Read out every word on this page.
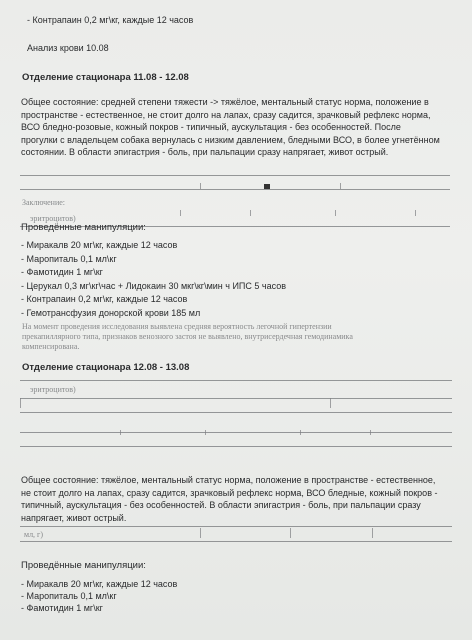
- Контрапаин 0,2 мг\кг, каждые 12 часов
Анализ крови 10.08
Отделение стационара 11.08 - 12.08
Общее состояние: средней степени тяжести -> тяжёлое, ментальный статус норма, положение в
пространстве - естественное, не стоит долго на лапах, сразу садится, зрачковый рефлекс норма,
ВСО бледно-розовые, кожный покров - типичный, аускультация - без особенностей. После
прогулки с владельцем собака вернулась с низким давлением, бледными ВСО, в более угнетённом
состоянии. В области эпигастрия - боль, при пальпации сразу напрягает, живот острый.
Заключение:
эритроцитов)
Проведённые манипуляции:
- Миракалв 20 мг\кг, каждые 12 часов
- Маропиталь 0,1 мл\кг
- Фамотидин 1 мг\кг
- Церукал 0,3 мг\кг\час + Лидокаин 30 мкг\кг\мин ч ИПС 5 часов
- Контрапаин 0,2 мг\кг, каждые 12 часов
- Гемотрансфузия донорской крови 185 мл
На момент проведения исследования выявлена средняя вероятность легочной гипертензии
прекапиллярного типа, признаков венозного застоя не выявлено, внутрисердечная гемодинамика
компенсирована.
Отделение стационара 12.08 - 13.08
эритроцитов)
Общее состояние: тяжёлое, ментальный статус норма, положение в пространстве - естественное,
не стоит долго на лапах, сразу садится, зрачковый рефлекс норма, ВСО бледные, кожный покров -
типичный, аускультация - без особенностей. В области эпигастрия - боль, при пальпации сразу
напрягает, живот острый.
мл, г)
Проведённые манипуляции:
- Миракалв 20 мг\кг, каждые 12 часов
- Маропиталь 0,1 мл\кг
- Фамотидин 1 мг\кг
